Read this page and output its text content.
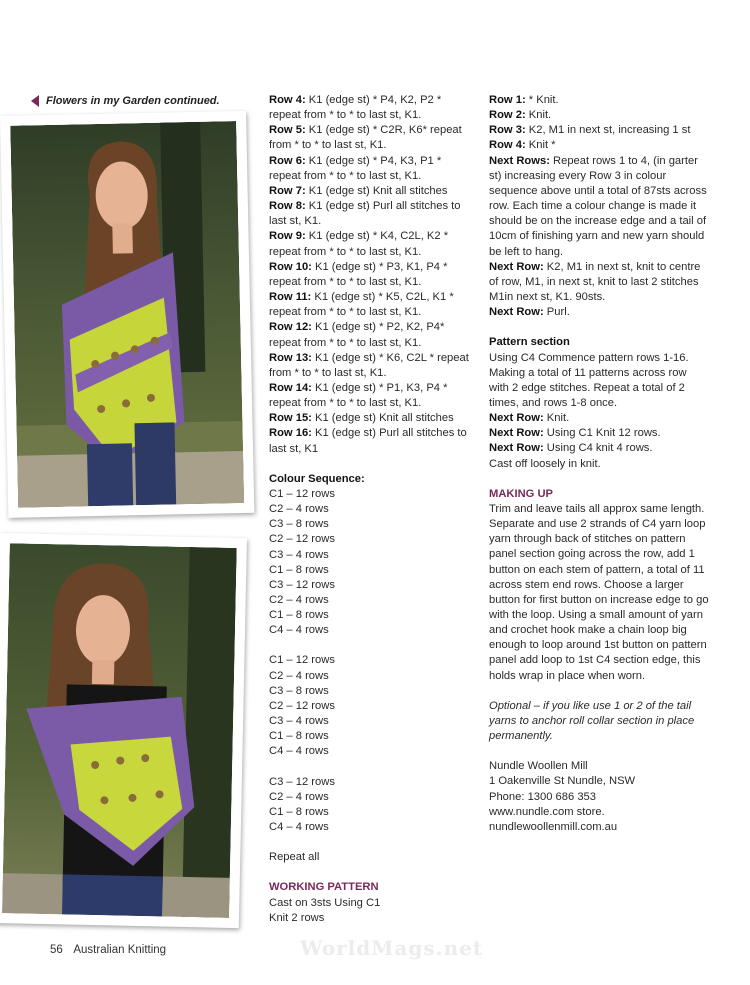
Flowers in my Garden continued.	Row 4: K1 (edge st) * P4, K2, P2 * repeat from * to * to last st, K1.

Row 5: K1 (edge st) * C2R, K6* repeat from * to * to last st, K1.

Row 6: K1 (edge st) * P4, K3, P1 * repeat from * to * to last st, K1.

Row 7: K1 (edge st) Knit all stitches

Row 8: K1 (edge st) Purl all stitches to last st, K1.

Row 9: K1 (edge st) * K4, C2L, K2 * repeat from * to * to last st, K1.

Row 10: K1 (edge st) * P3, K1, P4 * repeat from * to * to last st, K1.

Row 11: K1 (edge st) * K5, C2L, K1 * repeat from * to * to last st, K1.

Row 12: K1 (edge st) * P2, K2, P4* repeat from * to * to last st, K1.

Row 13: K1 (edge st) * K6, C2L * repeat from * to * to last st, K1.

Row 14: K1 (edge st) * P1, K3, P4 * repeat from * to * to last st, K1.

Row 15: K1 (edge st) Knit all stitches

Row 16: K1 (edge st) Purl all stitches to last st, K1

Colour Sequence:

C1 – 12 rows

C2 – 4 rows

C3 – 8 rows

C2 – 12 rows

C3 – 4 rows

C1 – 8 rows

C3 – 12 rows

C2 – 4 rows

C1 – 8 rows

C4 – 4 rows

C1 – 12 rows

C2 – 4 rows

C3 – 8 rows

C2 – 12 rows

C3 – 4 rows

C1 – 8 rows

C4 – 4 rows

C3 – 12 rows

C2 – 4 rows

C1 – 8 rows

C4 – 4 rows

Repeat all

WORKING PATTERN

Cast on 3sts Using C1

Knit 2 rows

Row 1: * Knit.

Row 2: Knit.

Row 3: K2, M1 in next st, increasing 1 st

Row 4: Knit *

Next Rows: Repeat rows 1 to 4, (in garter st) increasing every Row 3 in colour sequence above until a total of 87sts across row. Each time a colour change is made it should be on the increase edge and a tail of 10cm of finishing yarn and new yarn should be left to hang.

Next Row: K2, M1 in next st, knit to centre of row, M1, in next st, knit to last 2 stitches M1in next st, K1. 90sts.

Next Row: Purl.

Pattern section

Using C4 Commence pattern rows 1-16. Making a total of 11 patterns across row with 2 edge stitches. Repeat a total of 2 times, and rows 1-8 once.

Next Row: Knit.

Next Row: Using C1 Knit 12 rows.

Next Row: Using C4 knit 4 rows.

Cast off loosely in knit.

MAKING UP

Trim and leave tails all approx same length. Separate and use 2 strands of C4 yarn loop yarn through back of stitches on pattern panel section going across the row, add 1 button on each stem of pattern, a total of 11 across stem end rows. Choose a larger button for first button on increase edge to go with the loop. Using a small amount of yarn and crochet hook make a chain loop big enough to loop around 1st button on pattern panel add loop to 1st C4 section edge, this holds wrap in place when worn.

Optional – if you like use 1 or 2 of the tail yarns to anchor roll collar section in place permanently.

Nundle Woollen Mill

1 Oakenville St Nundle, NSW

Phone: 1300 686 353

www.nundle.com store.

nundlewoollenmill.com.au

WorldMags.net
56 Australian Knitting
